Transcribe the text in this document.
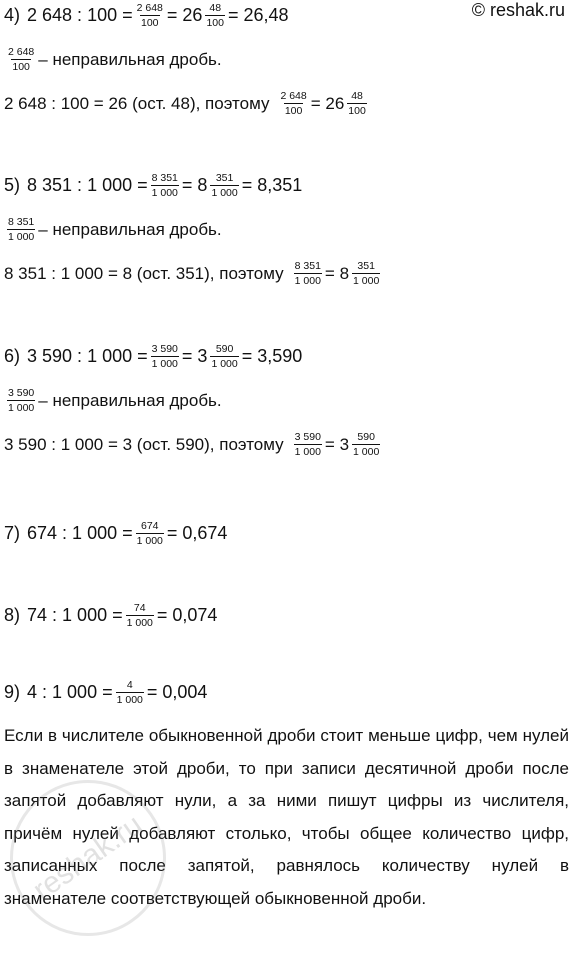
© reshak.ru
4) 2 648 : $100 = \frac{2 648}{100} = 26 \frac{48}{100} = 26,48$
$\frac{2 648}{100}$ – неправильная дробь.
2 648 : 100 = 26 (ост. 48), поэтому $\frac{2 648}{100} = 26 \frac{48}{100}$
5) 8 351 : 1 $000 = \frac{8 351}{1 000} = 8 \frac{351}{1 000} = 8,351$
$\frac{8 351}{1 000}$ – неправильная дробь.
8 351 : 1 000 = 8 (ост. 351), поэтому $\frac{8 351}{1 000} = 8 \frac{351}{1 000}$
6) 3 590 : 1 $000 = \frac{3 590}{1 000} = 3 \frac{590}{1 000} = 3,590$
$\frac{3 590}{1 000}$ – неправильная дробь.
3 590 : 1 000 = 3 (ост. 590), поэтому $\frac{3 590}{1 000} = 3 \frac{590}{1 000}$
7) 674 : 1 $000 = \frac{674}{1 000} = 0,674$
8) 74 : 1 $000 = \frac{74}{1 000} = 0,074$
9) 4 : 1 $000 = \frac{4}{1 000} = 0,004$
Если в числителе обыкновенной дроби стоит меньше цифр, чем нулей в знаменателе этой дроби, то при записи десятичной дроби после запятой добавляют нули, а за ними пишут цифры из числителя, причём нулей добавляют столько, чтобы общее количество цифр, записанных после запятой, равнялось количеству нулей в знаменателе соответствующей обыкновенной дроби.
reshak.ru
